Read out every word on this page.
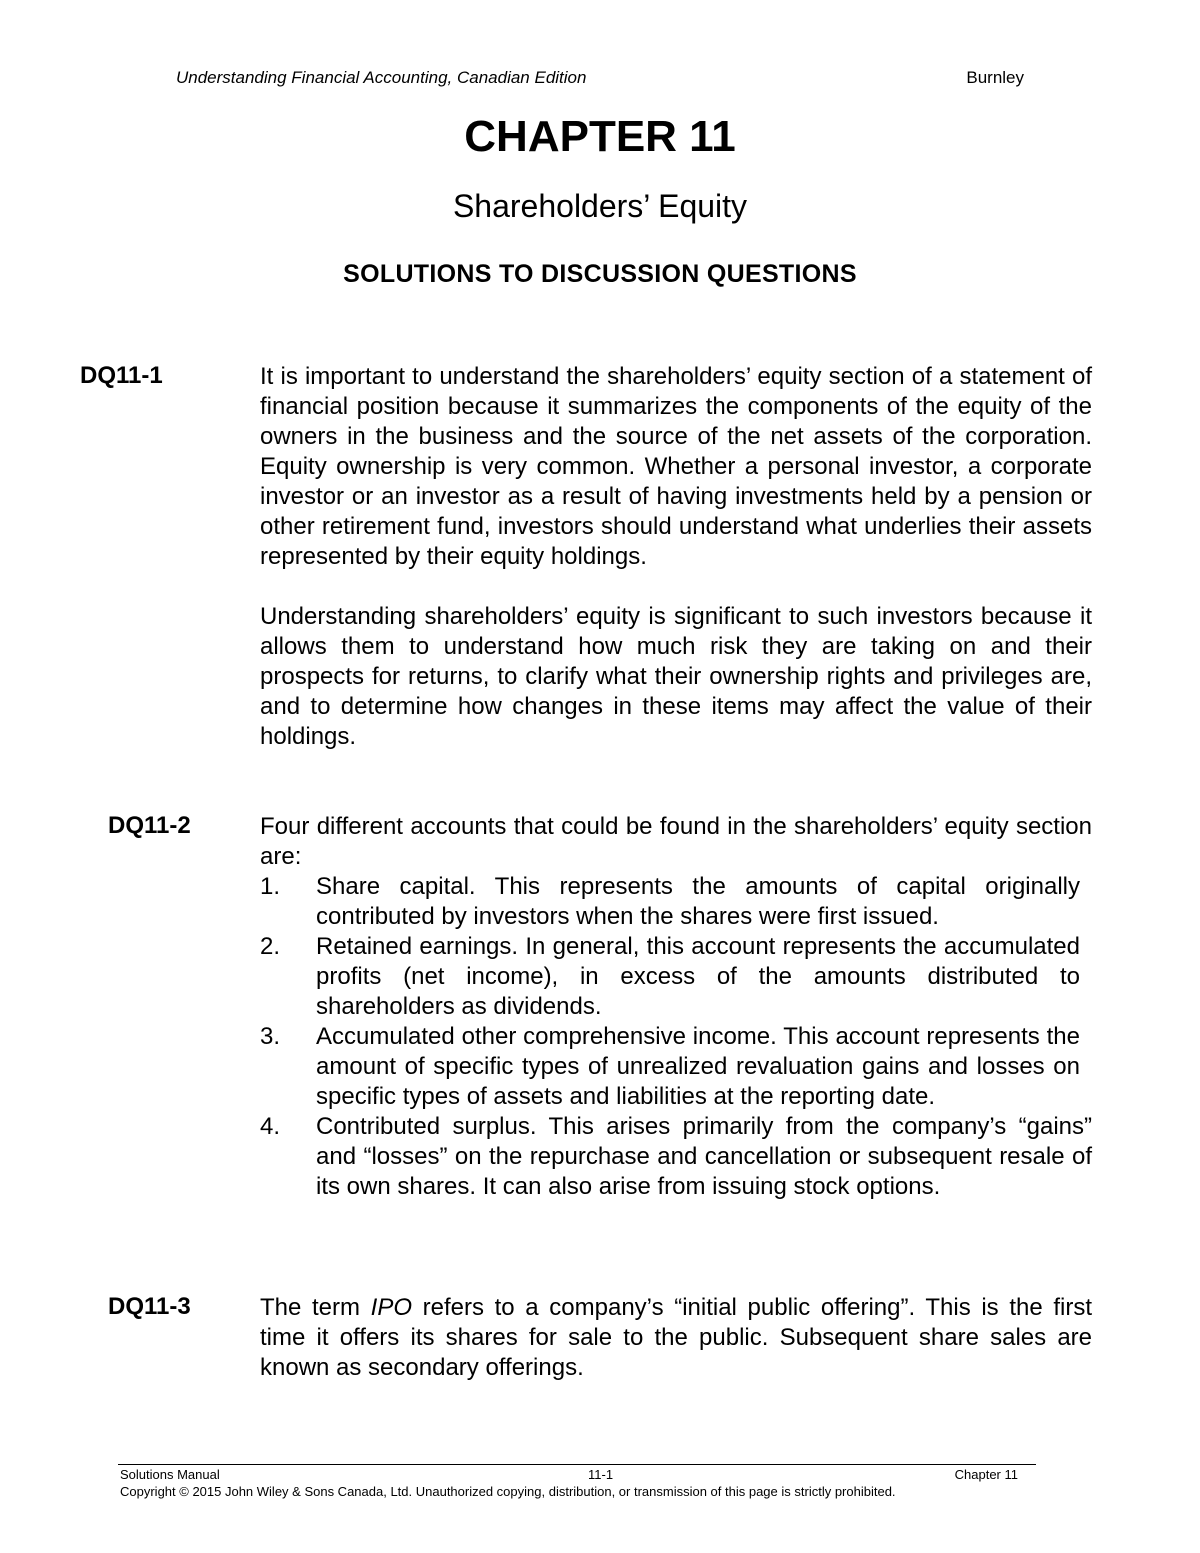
Understanding Financial Accounting, Canadian Edition	Burnley
CHAPTER 11
Shareholders’ Equity
SOLUTIONS TO DISCUSSION QUESTIONS
DQ11-1	It is important to understand the shareholders’ equity section of a statement of financial position because it summarizes the components of the equity of the owners in the business and the source of the net assets of the corporation. Equity ownership is very common. Whether a personal investor, a corporate investor or an investor as a result of having investments held by a pension or other retirement fund, investors should understand what underlies their assets represented by their equity holdings.

Understanding shareholders’ equity is significant to such investors because it allows them to understand how much risk they are taking on and their prospects for returns, to clarify what their ownership rights and privileges are, and to determine how changes in these items may affect the value of their holdings.

DQ11-2	Four different accounts that could be found in the shareholders’ equity section are:

1. Share capital. This represents the amounts of capital originally contributed by investors when the shares were first issued.
2. Retained earnings. In general, this account represents the accumulated profits (net income), in excess of the amounts distributed to shareholders as dividends.
3. Accumulated other comprehensive income. This account represents the amount of specific types of unrealized revaluation gains and losses on specific types of assets and liabilities at the reporting date.
4. Contributed surplus. This arises primarily from the company’s “gains” and “losses” on the repurchase and cancellation or subsequent resale of its own shares. It can also arise from issuing stock options.
DQ11-3	The term IPO refers to a company’s “initial public offering”. This is the first time it offers its shares for sale to the public. Subsequent share sales are known as secondary offerings.

Solutions Manual	11-1	Chapter 11
Copyright © 2015 John Wiley & Sons Canada, Ltd. Unauthorized copying, distribution, or transmission of this page is strictly prohibited.
